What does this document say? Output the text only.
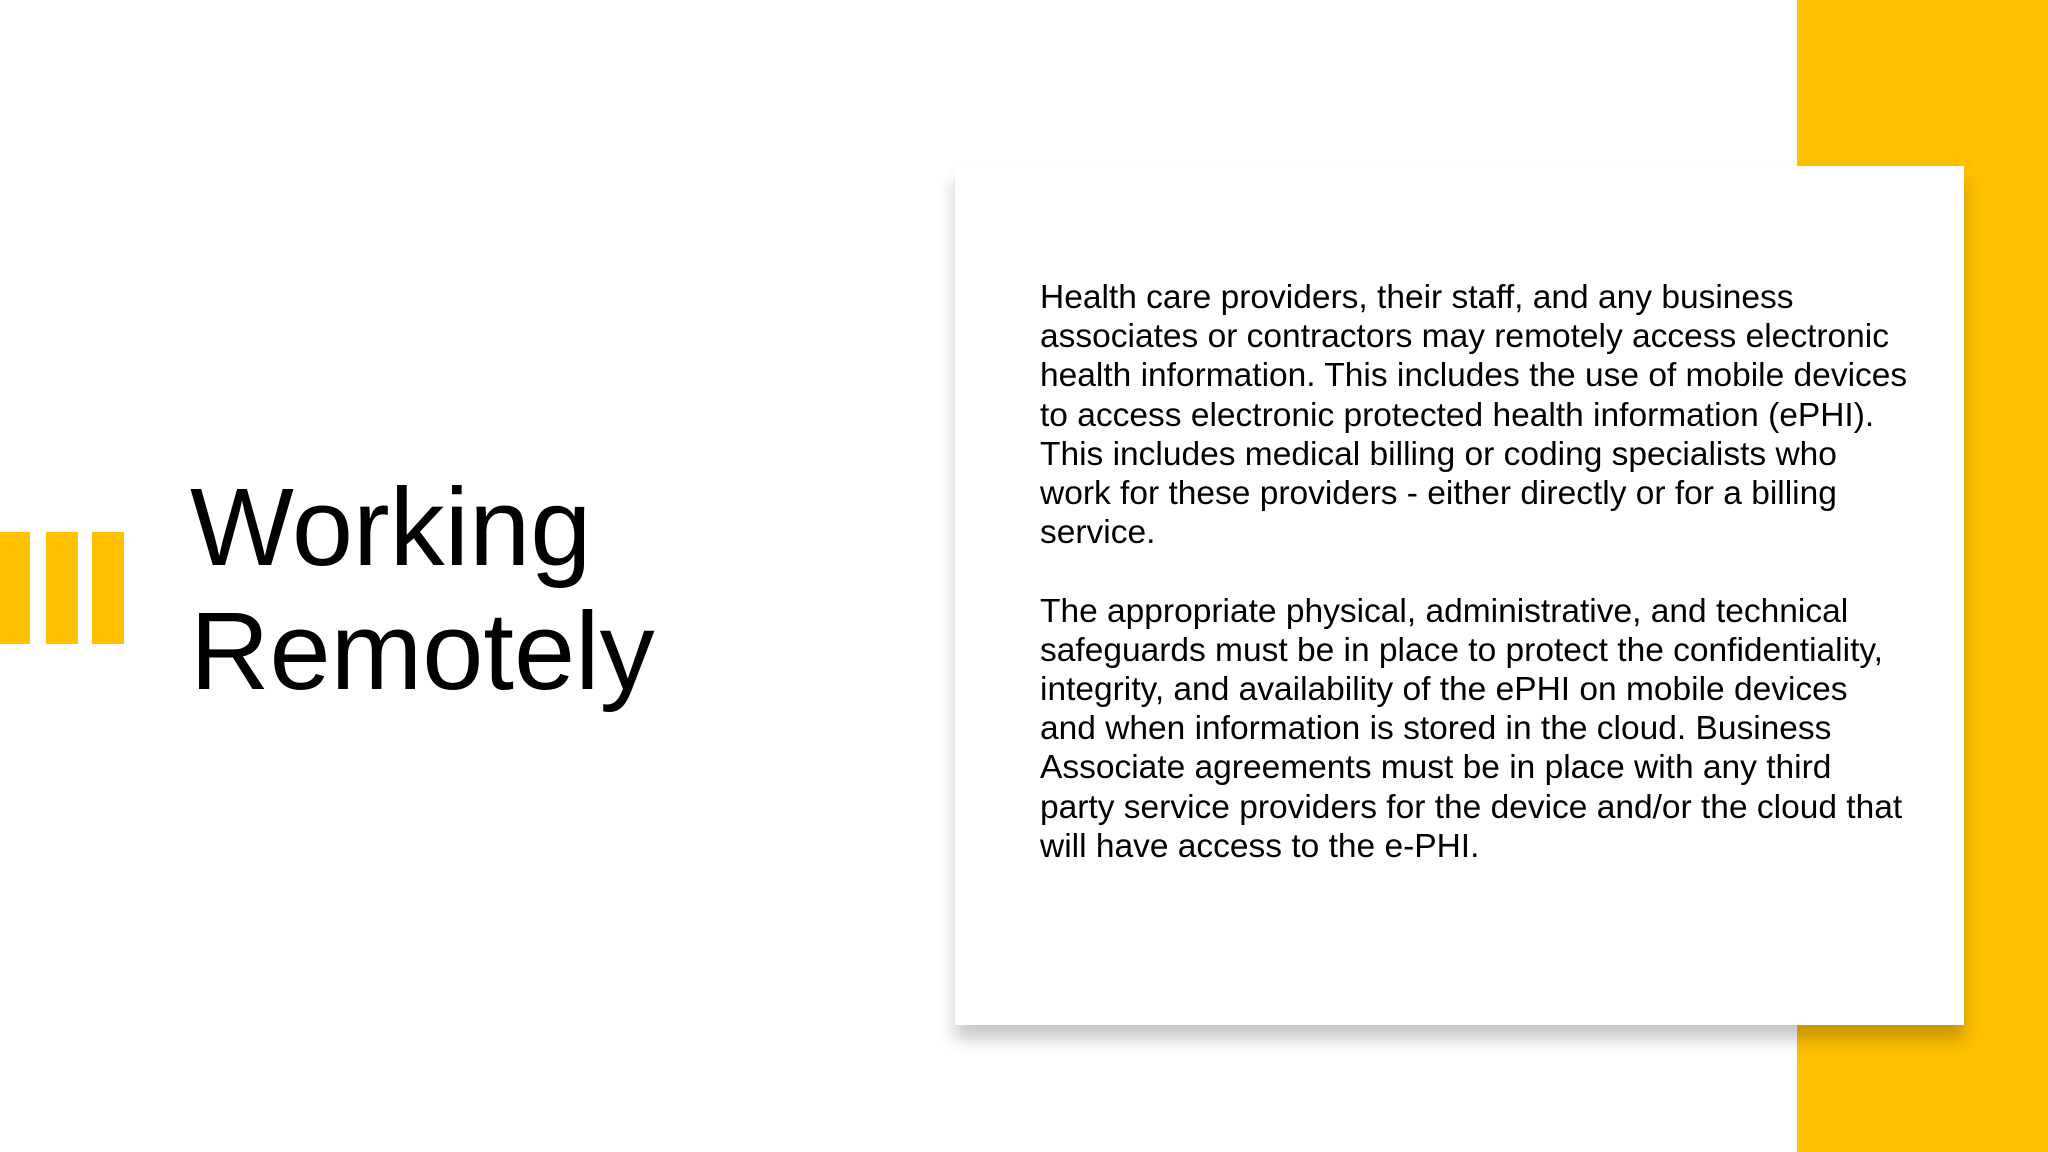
Working
Remotely

Health care providers, their staff, and any business associates or contractors may remotely access electronic health information. This includes the use of mobile devices to access electronic protected health information (ePHI). This includes medical billing or coding specialists who work for these providers - either directly or for a billing service.

The appropriate physical, administrative, and technical safeguards must be in place to protect the confidentiality, integrity, and availability of the ePHI on mobile devices and when information is stored in the cloud. Business Associate agreements must be in place with any third party service providers for the device and/or the cloud that will have access to the e-PHI.
